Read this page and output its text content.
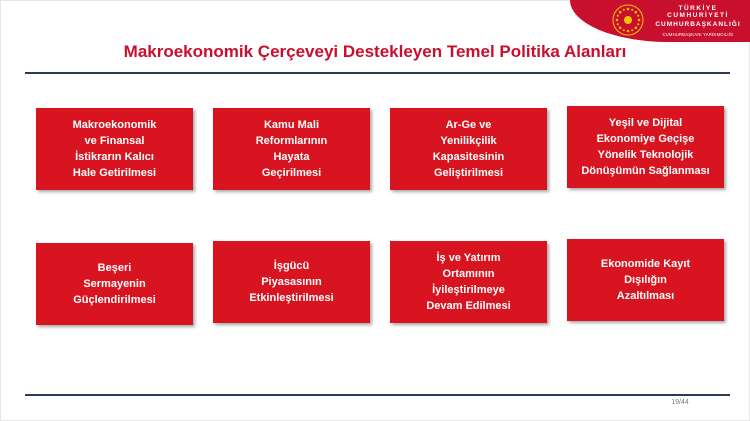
TÜRKİYE CUMHURİYETİ
CUMHURBAŞKANLIĞI
CUMHURBAŞKANI YARDIMCILIĞI
Makroekonomik Çerçeveyi Destekleyen Temel Politika Alanları
Makroekonomik
ve Finansal
İstikrarın Kalıcı
Hale Getirilmesi
Kamu Mali
Reformlarının
Hayata
Geçirilmesi
Ar-Ge ve
Yenilikçilik
Kapasitesinin
Geliştirilmesi
Yeşil ve Dijital
Ekonomiye Geçişe
Yönelik Teknolojik
Dönüşümün Sağlanması
Beşeri
Sermayenin
Güçlendirilmesi
İşgücü
Piyasasının
Etkinleştirilmesi
İş ve Yatırım
Ortamının
İyileştirilmeye
Devam Edilmesi
Ekonomide Kayıt
Dışılığın
Azaltılması
19/44
